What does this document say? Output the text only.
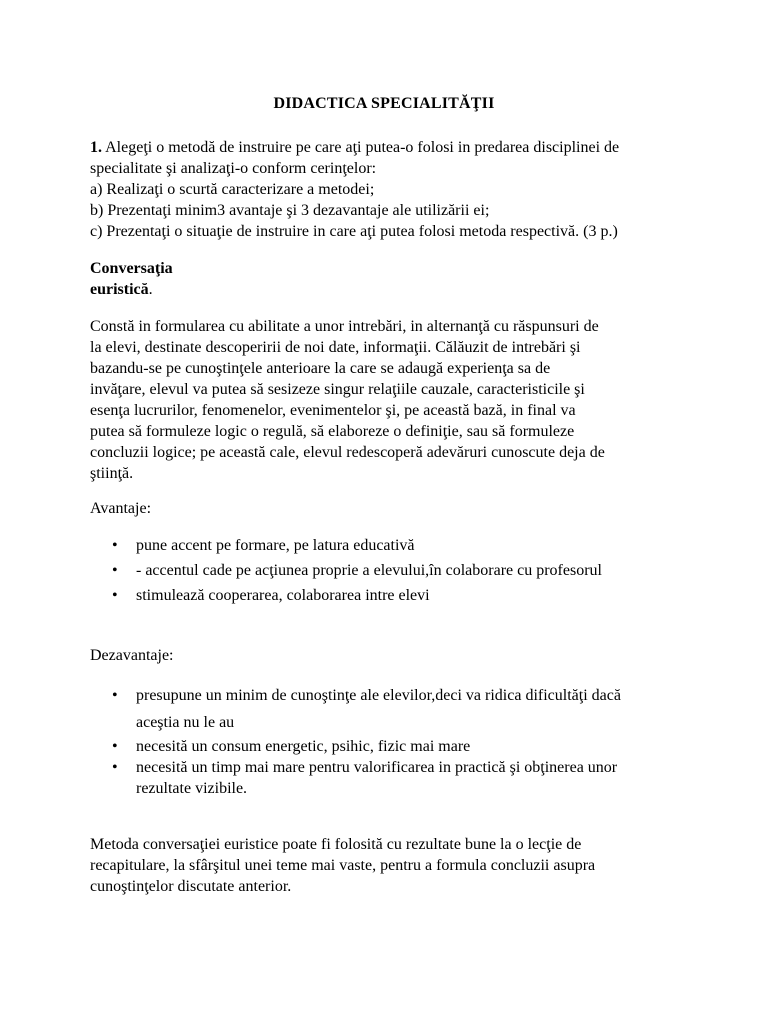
DIDACTICA SPECIALITĂŢII

1. Alegeţi o metodă de instruire pe care aţi putea-o folosi in predarea disciplinei de

specialitate şi analizaţi-o conform cerinţelor:

a) Realizaţi o scurtă caracterizare a metodei;

b) Prezentaţi minim3 avantaje şi 3 dezavantaje ale utilizării ei;

c) Prezentaţi o situaţie de instruire in care aţi putea folosi metoda respectivă. (3 p.)

Conversaţia

euristică.

Constă in formularea cu abilitate a unor intrebări, in alternanţă cu răspunsuri de
la elevi, destinate descoperirii de noi date, informaţii. Călăuzit de intrebări şi
bazandu-se pe cunoştinţele anterioare la care se adaugă experienţa sa de
invăţare, elevul va putea să sesizeze singur relaţiile cauzale, caracteristicile şi
esenţa lucrurilor, fenomenelor, evenimentelor şi, pe această bază, in final va
putea să formuleze logic o regulă, să elaboreze o definiţie, sau să formuleze
concluzii logice; pe această cale, elevul redescoperă adevăruri cunoscute deja de
ştiinţă.
Avantaje:
• pune accent pe formare, pe latura educativă
• - accentul cade pe acţiunea proprie a elevului,în colaborare cu profesorul
• stimulează cooperarea, colaborarea intre elevi
Dezavantaje:
• presupune un minim de cunoştinţe ale elevilor,deci va ridica dificultăţi dacă
aceştia nu le au
• necesită un consum energetic, psihic, fizic mai mare
• necesită un timp mai mare pentru valorificarea in practică şi obţinerea unor
rezultate vizibile.
Metoda conversaţiei euristice poate fi folosită cu rezultate bune la o lecţie de
recapitulare, la sfârşitul unei teme mai vaste, pentru a formula concluzii asupra
cunoştinţelor discutate anterior.
